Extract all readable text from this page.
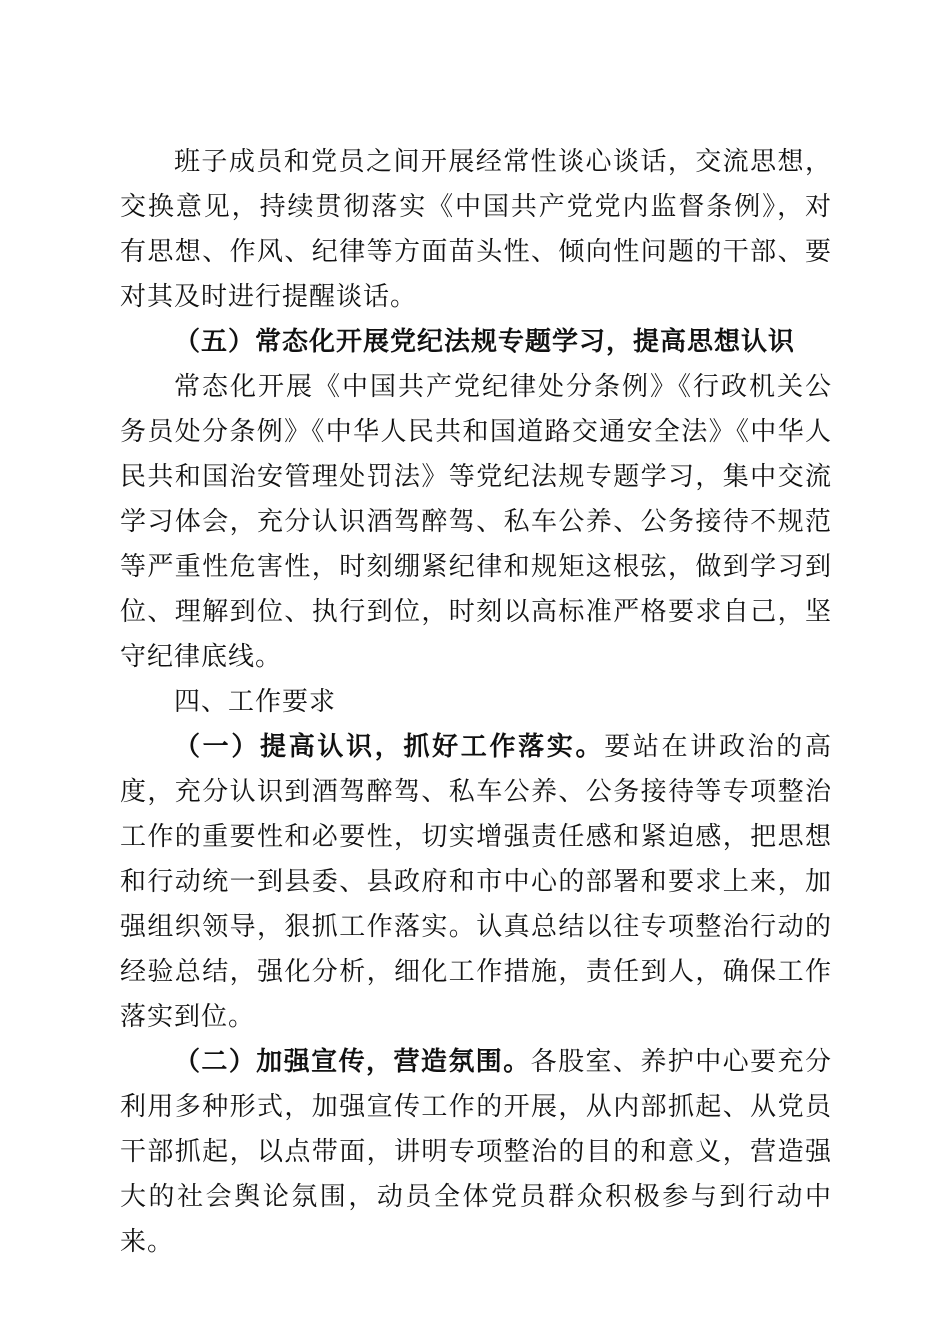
班子成员和党员之间开展经常性谈心谈话，交流思想，交换意见，持续贯彻落实《中国共产党党内监督条例》，对有思想、作风、纪律等方面苗头性、倾向性问题的干部、要对其及时进行提醒谈话。

（五）常态化开展党纪法规专题学习，提高思想认识

常态化开展《中国共产党纪律处分条例》《行政机关公务员处分条例》《中华人民共和国道路交通安全法》《中华人民共和国治安管理处罚法》等党纪法规专题学习，集中交流学习体会，充分认识酒驾醉驾、私车公养、公务接待不规范等严重性危害性，时刻绷紧纪律和规矩这根弦，做到学习到位、理解到位、执行到位，时刻以高标准严格要求自己，坚守纪律底线。

四、工作要求

（一）提高认识，抓好工作落实。要站在讲政治的高度，充分认识到酒驾醉驾、私车公养、公务接待等专项整治工作的重要性和必要性，切实增强责任感和紧迫感，把思想和行动统一到县委、县政府和市中心的部署和要求上来，加强组织领导，狠抓工作落实。认真总结以往专项整治行动的经验总结，强化分析，细化工作措施，责任到人，确保工作落实到位。

（二）加强宣传，营造氛围。各股室、养护中心要充分利用多种形式，加强宣传工作的开展，从内部抓起、从党员干部抓起，以点带面，讲明专项整治的目的和意义，营造强大的社会舆论氛围，动员全体党员群众积极参与到行动中来。
